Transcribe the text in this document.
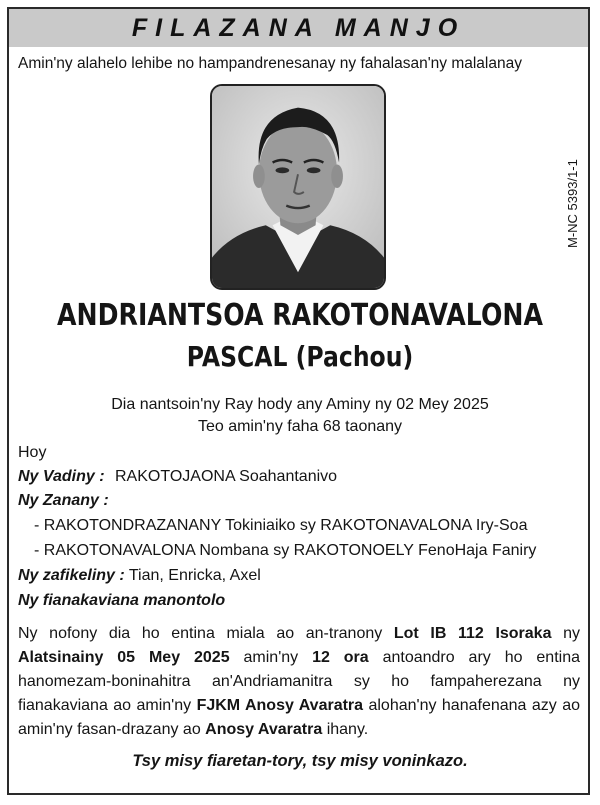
FILAZANA MANJO
Amin'ny alahelo lehibe no hampandrenesanay ny fahalasan'ny malalanay
M-NC 5393/1-1
ANDRIANTSOA RAKOTONAVALONA
PASCAL (Pachou)
Dia nantsoin'ny Ray hody any Aminy ny 02 Mey 2025
Teo amin'ny faha 68 taonany
Hoy
Ny Vadiny : RAKOTOJAONA Soahantanivo
Ny Zanany :
- RAKOTONDRAZANANY Tokiniaiko sy RAKOTONAVALONA Iry-Soa
- RAKOTONAVALONA Nombana sy RAKOTONOELY FenoHaja Faniry
Ny zafikeliny : Tian, Enricka, Axel
Ny fianakaviana manontolo
Ny nofony dia ho entina miala ao an-tranony Lot IB 112 Isoraka ny Alatsinainy 05 Mey 2025 amin'ny 12 ora antoandro ary ho entina hanomezam-boninahitra an'Andriamanitra sy ho fampaherezana ny fianakaviana ao amin'ny FJKM Anosy Avaratra alohan'ny hanafenana azy ao amin'ny fasan-drazany ao Anosy Avaratra ihany.
Tsy misy fiaretan-tory, tsy misy voninkazo.
